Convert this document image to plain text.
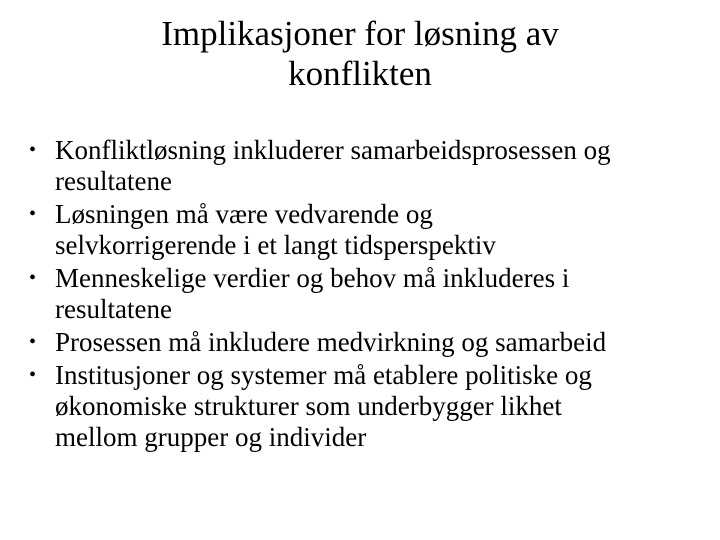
Implikasjoner for løsning av
konflikten
• Konfliktløsning inkluderer samarbeidsprosessen og
resultatene
• Løsningen må være vedvarende og
selvkorrigerende i et langt tidsperspektiv
• Menneskelige verdier og behov må inkluderes i
resultatene
• Prosessen må inkludere medvirkning og samarbeid
• Institusjoner og systemer må etablere politiske og
økonomiske strukturer som underbygger likhet
mellom grupper og individer
